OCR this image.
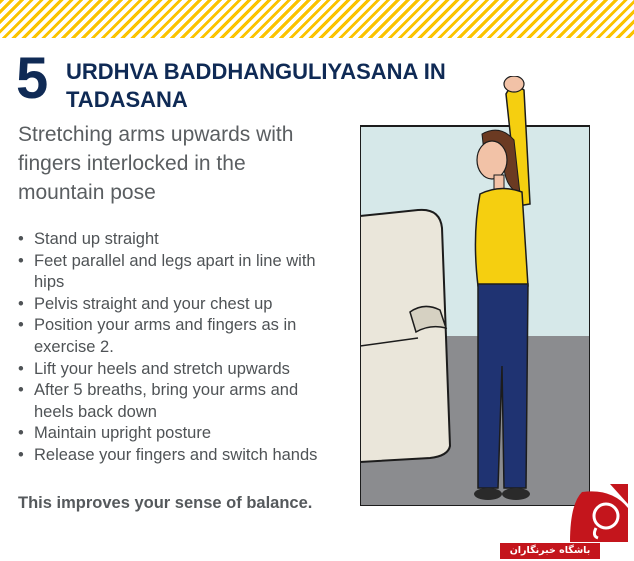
5 URDHVA BADDHANGULIYASANA IN TADASANA
Stretching arms upwards with fingers interlocked in the mountain pose
• Stand up straight
• Feet parallel and legs apart in line with hips
• Pelvis straight and your chest up
• Position your arms and fingers as in exercise 2.
• Lift your heels and stretch upwards
• After 5 breaths, bring your arms and heels back down
• Maintain upright posture
• Release your fingers and switch hands
This improves your sense of balance.
باشگاه خبرنگاران
